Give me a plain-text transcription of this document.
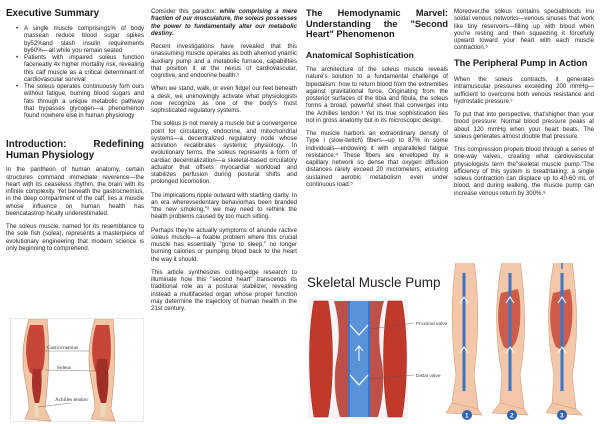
Executive Summary
• A single muscle comprising1% of body massean reduce blood sugar spikes by52%and slash insulin requirements by60%—all while you remain seated
• Patients with impaired soleus function faceneatly 4x higher mortality risk, revealing this calf muscle as a critical determinant of cardiovascular survival
• The soleus operates continuously forh ours without fatigue, burning blood sugars and fats through a unique metabolic pathway that bypasses glycogen—a phenomenon found nowhere else in human physiology
Introduction: Redefining Human Physiology

In the pantheon of human anatomy, certain structures command immediate reverence—the heart with its ceaseless rhythm, the brain with its infinite complexity. Yet beneath the gastrocnemius, in the deep compartment of the calf, lies a muscle whose influence on human health has beencatastrop hically underestimated.

The soleus muscle, named for its resemblance to the sole fish (solea), represents a masterpiece of evolutionary engineering that modern science is only beginning to comprehend.

Gastrocnemius
Soleus
Achilles tendon

Consider this paradox: while comprising a mere fraction of our musculature, the soleus possesses the power to fundamentally alter our metabolic destiny.

Recent investigations have revealed that this unassuming muscle operates as both ahemod ynamic auxiliary pump and a metabolic furnace, capabilities that position it at the nexus of cardiovascular, cognitive, and endocrine health.¹

When we stand, walk, or even fidget our feet beneath a desk, we unknowingly activate what physiologists now recognize as one of the body's most sophisticated regulatory systems.

The soleus is not merely a muscle but a convergence point for circulatory, endocrine, and mitochondrial systems—a decentralized regulatory node whose activation recalibrates systemic physiology. In evolutionary terms, the soleus represents a form of cardiac decentralization—a skeletal-based circulatory actuator that offsets myocardial workload and stabilizes perfusion during postural shifts and prolonged locomotion.

The implications ripple outward with startling clarity. In an era wherevsedentary behaviorhas been branded "the new smoking,"² we may need to rethink the health problems caused by too much sitting.

Perhaps they're actually symptoms of anunde ractive soleus muscle—a fixable problem where this crucial muscle has essentially "gone to sleep," no longer burning calories or pumping blood back to the heart the way it should.

This article synthesizes cutting-edge research to illuminate how this "second heart" transcends its traditional role as a postural stabilizer, revealing instead a multifaceted organ whose proper function may determine the trajectory of human health in the 21st century.

The Hemodynamic Marvel: Understanding the "Second Heart" Phenomenon
Anatomical Sophistication

The architecture of the soleus muscle reveals nature's solution to a fundamental challenge of bipedalism: how to return blood from the extremities against gravitational force. Originating from the posterior surfaces of the tibia and fibula, the soleus forms a broad, powerful sheet that converges into the Achilles tendon.³ Yet its true sophistication lies not in gross anatomy but in its microscopic design.

The muscle harbors an extraordinary density of Type I (slow-twitch) fibers—up to 87% in some individuals—endowing it with unparalleled fatigue resistance.⁴ These fibers are enveloped by a capillary network so dense that oxygen diffusion distances rarely exceed 20 micrometers, ensuring sustained aerobic metabolism even under continuous load.⁵

Moreover,the soleus contains specialbloods inu soidal venous networks—venous sinuses that work like tiny reservoirs—filling up with blood when you're resting and then squeezing it forcefully upward toward your heart with each muscle contraction.⁶

The Peripheral Pump in Action

When the soleus contracts, it generates intramuscular pressures exceeding 200 mmHg—sufficient to overcome both venous resistance and hydrostatic pressure.⁷

To put that into perspective, that'shigher than your blood pressure: Normal blood pressure peaks at about 120 mmHg when your heart beats. The soleus generates almost double that pressure.

This compression propels blood through a series of one-way valves, creating what cardiovascular physiologists term the"skeletal muscle pump."The efficiency of this system is breathtaking: a single soleus contraction can displace up to 40-60 mL of blood, and during walking, the muscle pump can increase venous return by 300%.⁸

Skeletal Muscle Pump
Proximal valve
Distal valve
1	2	3
